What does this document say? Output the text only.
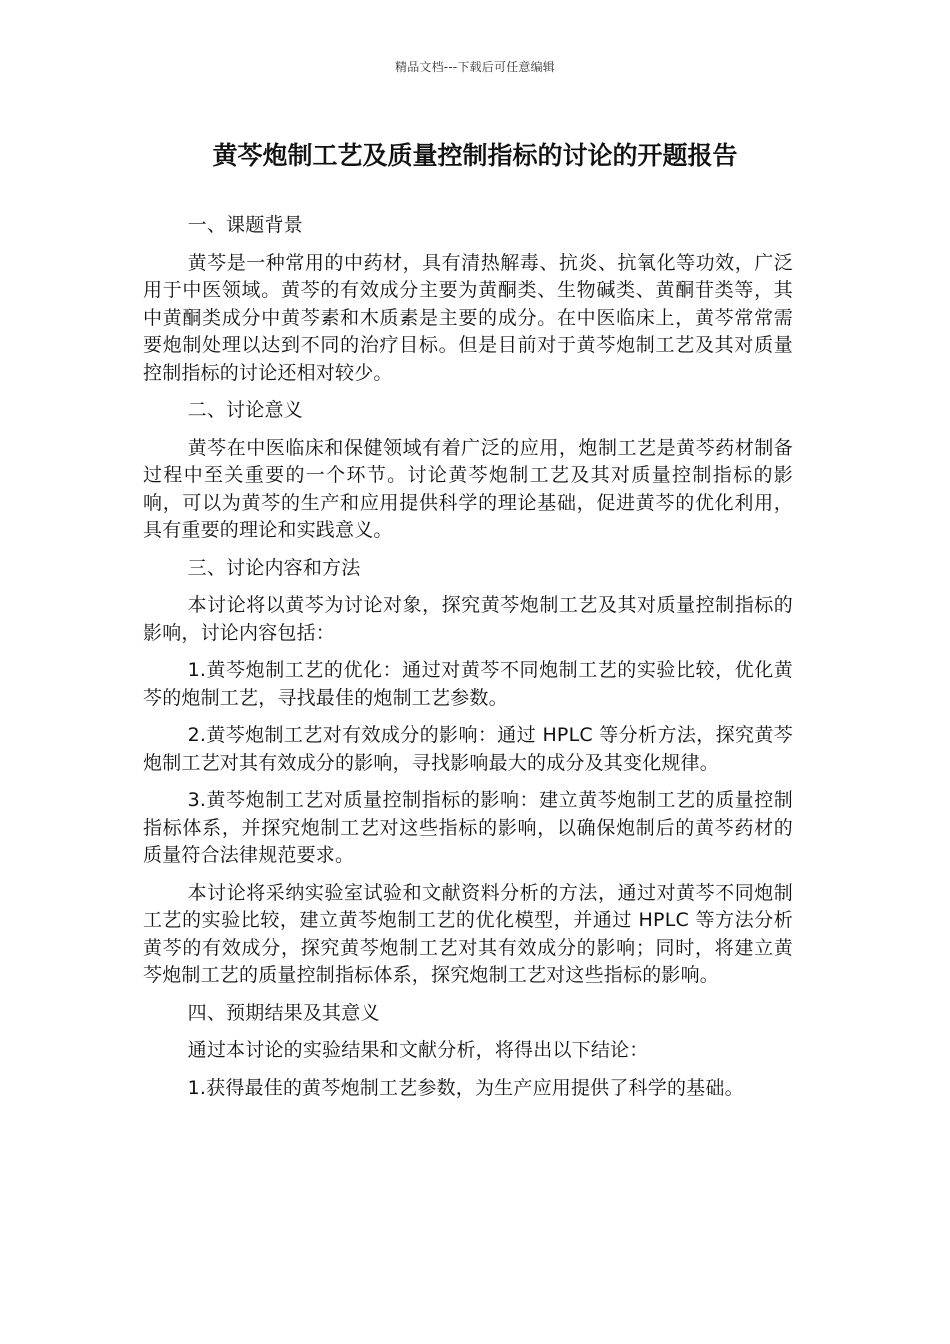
精品文档---下载后可任意编辑
黄芩炮制工艺及质量控制指标的讨论的开题报告

一、课题背景

黄芩是一种常用的中药材，具有清热解毒、抗炎、抗氧化等功效，广泛用于中医领域。黄芩的有效成分主要为黄酮类、生物碱类、黄酮苷类等，其中黄酮类成分中黄芩素和木质素是主要的成分。在中医临床上，黄芩常常需要炮制处理以达到不同的治疗目标。但是目前对于黄芩炮制工艺及其对质量控制指标的讨论还相对较少。

二、讨论意义

黄芩在中医临床和保健领域有着广泛的应用，炮制工艺是黄芩药材制备过程中至关重要的一个环节。讨论黄芩炮制工艺及其对质量控制指标的影响，可以为黄芩的生产和应用提供科学的理论基础，促进黄芩的优化利用，具有重要的理论和实践意义。

三、讨论内容和方法

本讨论将以黄芩为讨论对象，探究黄芩炮制工艺及其对质量控制指标的影响，讨论内容包括：

1.黄芩炮制工艺的优化：通过对黄芩不同炮制工艺的实验比较，优化黄芩的炮制工艺，寻找最佳的炮制工艺参数。

2.黄芩炮制工艺对有效成分的影响：通过 HPLC 等分析方法，探究黄芩炮制工艺对其有效成分的影响，寻找影响最大的成分及其变化规律。

3.黄芩炮制工艺对质量控制指标的影响：建立黄芩炮制工艺的质量控制指标体系，并探究炮制工艺对这些指标的影响，以确保炮制后的黄芩药材的质量符合法律规范要求。

本讨论将采纳实验室试验和文献资料分析的方法，通过对黄芩不同炮制工艺的实验比较，建立黄芩炮制工艺的优化模型，并通过 HPLC 等方法分析黄芩的有效成分，探究黄芩炮制工艺对其有效成分的影响；同时，将建立黄芩炮制工艺的质量控制指标体系，探究炮制工艺对这些指标的影响。

四、预期结果及其意义

通过本讨论的实验结果和文献分析，将得出以下结论：

1.获得最佳的黄芩炮制工艺参数，为生产应用提供了科学的基础。
